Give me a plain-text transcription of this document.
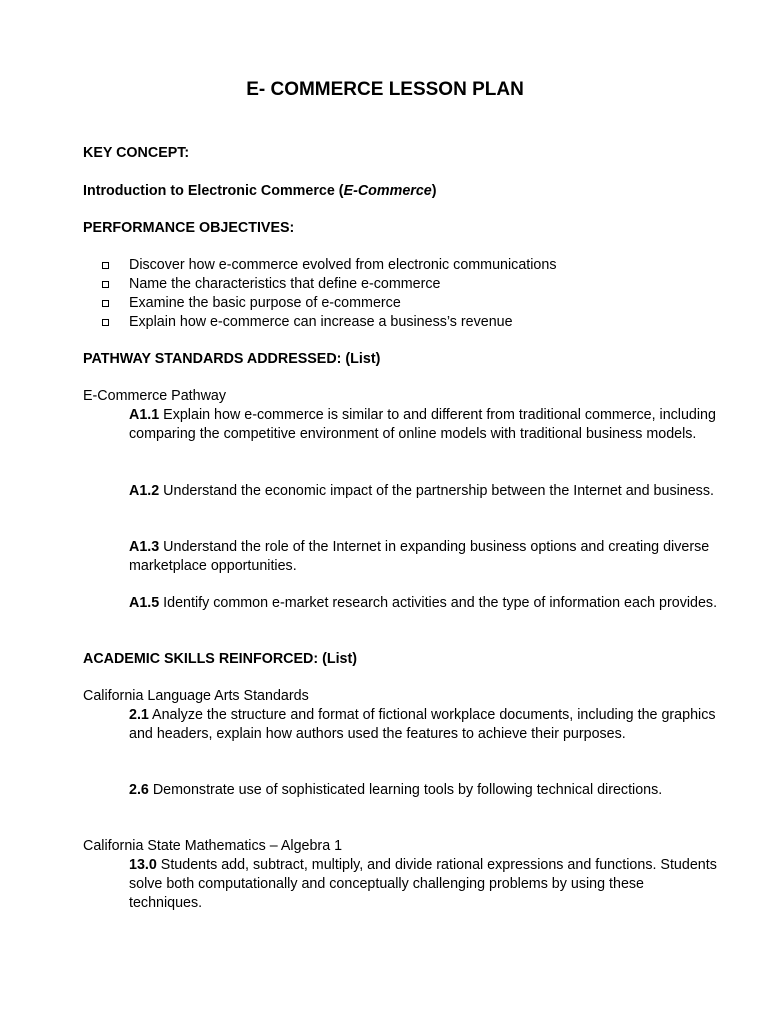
E- COMMERCE LESSON PLAN
KEY CONCEPT:
Introduction to Electronic Commerce (E-Commerce)
PERFORMANCE OBJECTIVES:
Discover how e-commerce evolved from electronic communications
Name the characteristics that define e-commerce
Examine the basic purpose of e-commerce
Explain how e-commerce can increase a business’s revenue
PATHWAY STANDARDS ADDRESSED: (List)
E-Commerce Pathway

A1.1 Explain how e-commerce is similar to and different from traditional commerce, including comparing the competitive environment of online models with traditional business models.

A1.2 Understand the economic impact of the partnership between the Internet and business.

A1.3 Understand the role of the Internet in expanding business options and creating diverse marketplace opportunities.

A1.5 Identify common e-market research activities and the type of information each provides.

ACADEMIC SKILLS REINFORCED: (List)
California Language Arts Standards

2.1 Analyze the structure and format of fictional workplace documents, including the graphics and headers, explain how authors used the features to achieve their purposes.

2.6 Demonstrate use of sophisticated learning tools by following technical directions.

California State Mathematics – Algebra 1

13.0 Students add, subtract, multiply, and divide rational expressions and functions. Students solve both computationally and conceptually challenging problems by using these techniques.
